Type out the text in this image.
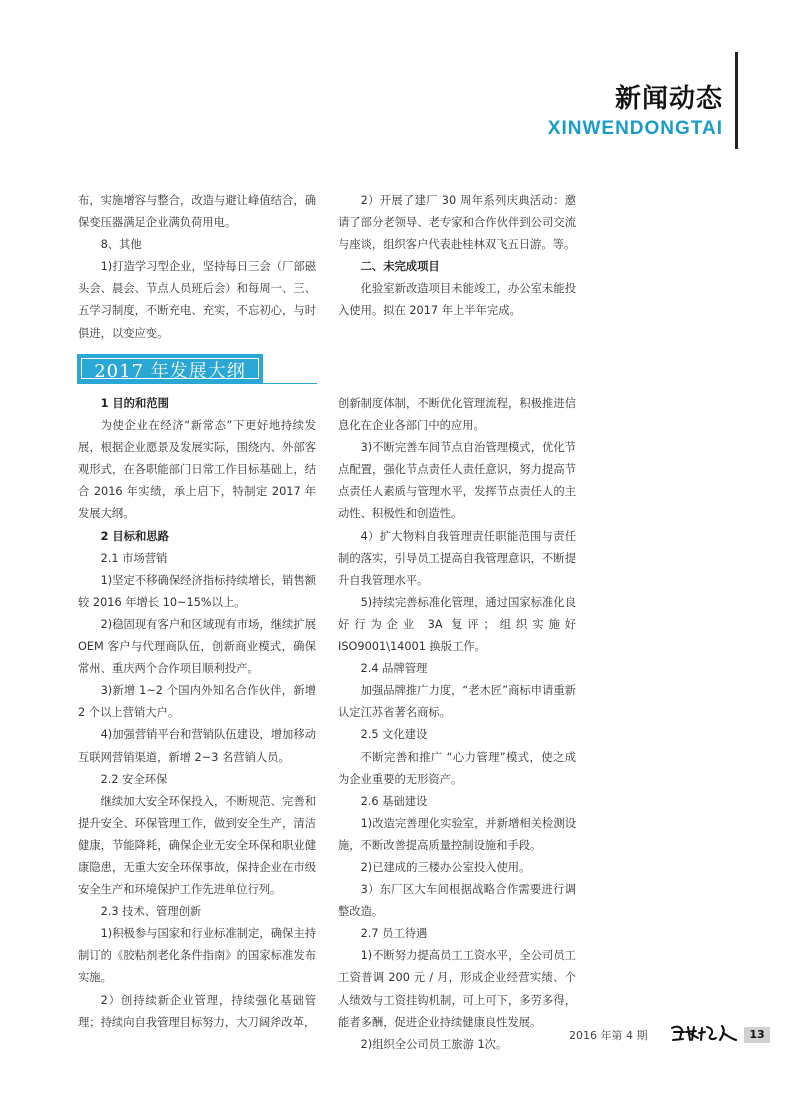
新闻动态
XINWENDONGTAI

布，实施增容与整合，改造与避让峰值结合，确保变压器满足企业满负荷用电。

8、其他

1)打造学习型企业，坚持每日三会（厂部磁头会、晨会、节点人员班后会）和每周一、三、五学习制度，不断充电、充实，不忘初心，与时俱进，以变应变。

2）开展了建厂 30 周年系列庆典活动：邀请了部分老领导、老专家和合作伙伴到公司交流与座谈，组织客户代表赴桂林双飞五日游。等。

二、未完成项目

化验室新改造项目未能竣工，办公室未能投入使用。拟在 2017 年上半年完成。

2017 年发展大纲

1 目的和范围

为使企业在经济“新常态”下更好地持续发展，根据企业愿景及发展实际，围绕内、外部客观形式，在各职能部门日常工作目标基础上，结合 2016 年实绩，承上启下，特制定 2017 年发展大纲。

2 目标和思路

2.1 市场营销

1)坚定不移确保经济指标持续增长，销售额较 2016 年增长 10~15%以上。

2)稳固现有客户和区域现有市场，继续扩展 OEM 客户与代理商队伍，创新商业模式，确保常州、重庆两个合作项目顺利投产。

3)新增 1~2 个国内外知名合作伙伴，新增 2 个以上营销大户。

4)加强营销平台和营销队伍建设，增加移动互联网营销渠道，新增 2~3 名营销人员。

2.2 安全环保

继续加大安全环保投入，不断规范、完善和提升安全、环保管理工作，做到安全生产，清洁健康，节能降耗，确保企业无安全环保和职业健康隐患，无重大安全环保事故，保持企业在市级安全生产和环境保护工作先进单位行列。

2.3 技术、管理创新

1)积极参与国家和行业标准制定，确保主持制订的《胶粘剂老化条件指南》的国家标准发布实施。

2）创持续新企业管理，持续强化基础管理；持续向自我管理目标努力，大刀阔斧改革，

创新制度体制，不断优化管理流程，积极推进信息化在企业各部门中的应用。

3)不断完善车间节点自治管理模式，优化节点配置，强化节点责任人责任意识，努力提高节点责任人素质与管理水平，发挥节点责任人的主动性、积极性和创造性。

4）扩大物料自我管理责任职能范围与责任制的落实，引导员工提高自我管理意识，不断提升自我管理水平。

5)持续完善标准化管理，通过国家标准化良好行为企业 3A 复评；组织实施好 ISO9001\14001 换版工作。

2.4 品牌管理

加强品牌推广力度，“老木匠”商标申请重新认定江苏省著名商标。

2.5 文化建设

不断完善和推广 “心力管理”模式，使之成为企业重要的无形资产。

2.6 基础建设

1)改造完善理化实验室，并新增相关检测设施，不断改善提高质量控制设施和手段。

2)已建成的三楼办公室投入使用。

3）东厂区大车间根据战略合作需要进行调整改造。

2.7 员工待遇

1)不断努力提高员工工资水平，全公司员工工资普调 200 元 / 月，形成企业经营实绩、个人绩效与工资挂钩机制，可上可下，多劳多得，能者多酬，促进企业持续健康良性发展。

2)组织全公司员工旅游 1次。

2016 年第 4 期	13
